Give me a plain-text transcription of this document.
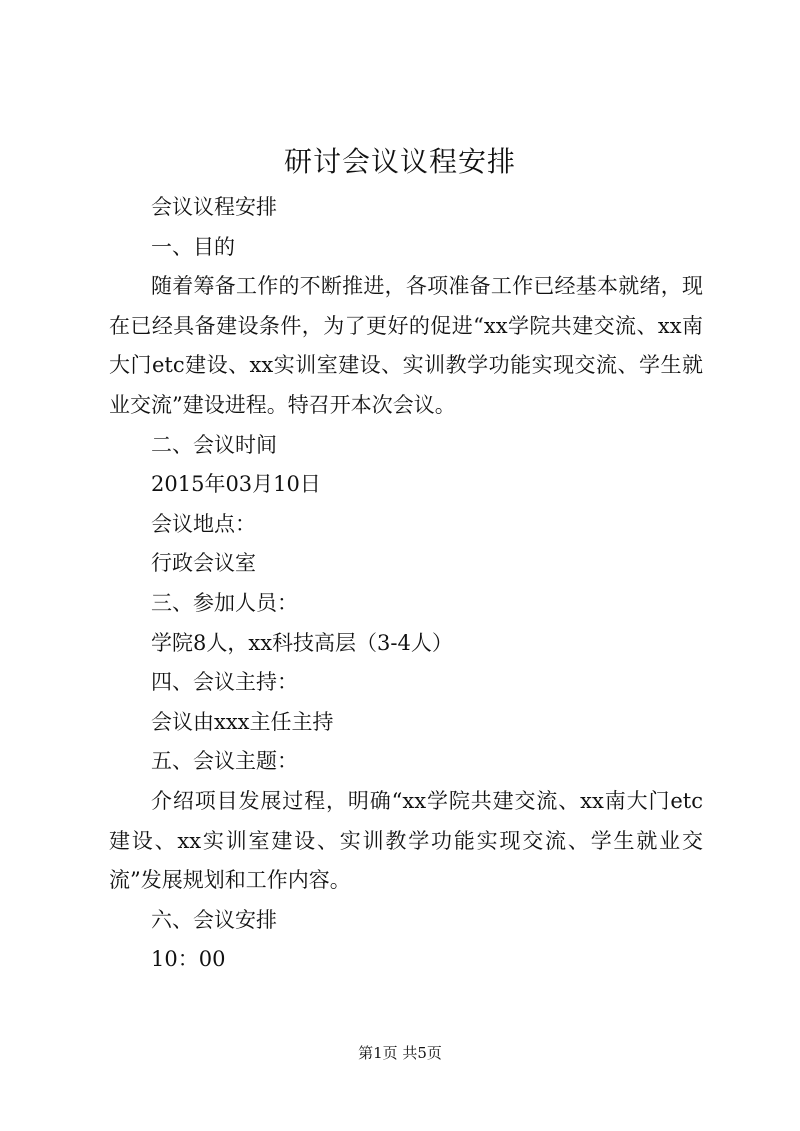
研讨会议议程安排

会议议程安排

一、目的

随着筹备工作的不断推进，各项准备工作已经基本就绪，现在已经具备建设条件，为了更好的促进“xx学院共建交流、xx南大门etc建设、xx实训室建设、实训教学功能实现交流、学生就业交流”建设进程。特召开本次会议。

二、会议时间

2015年03月10日

会议地点：

行政会议室

三、参加人员：

学院8人，xx科技高层（3-4人）

四、会议主持：

会议由xxx主任主持

五、会议主题：

介绍项目发展过程，明确“xx学院共建交流、xx南大门etc建设、xx实训室建设、实训教学功能实现交流、学生就业交流”发展规划和工作内容。

六、会议安排

10：00

第1页 共5页
